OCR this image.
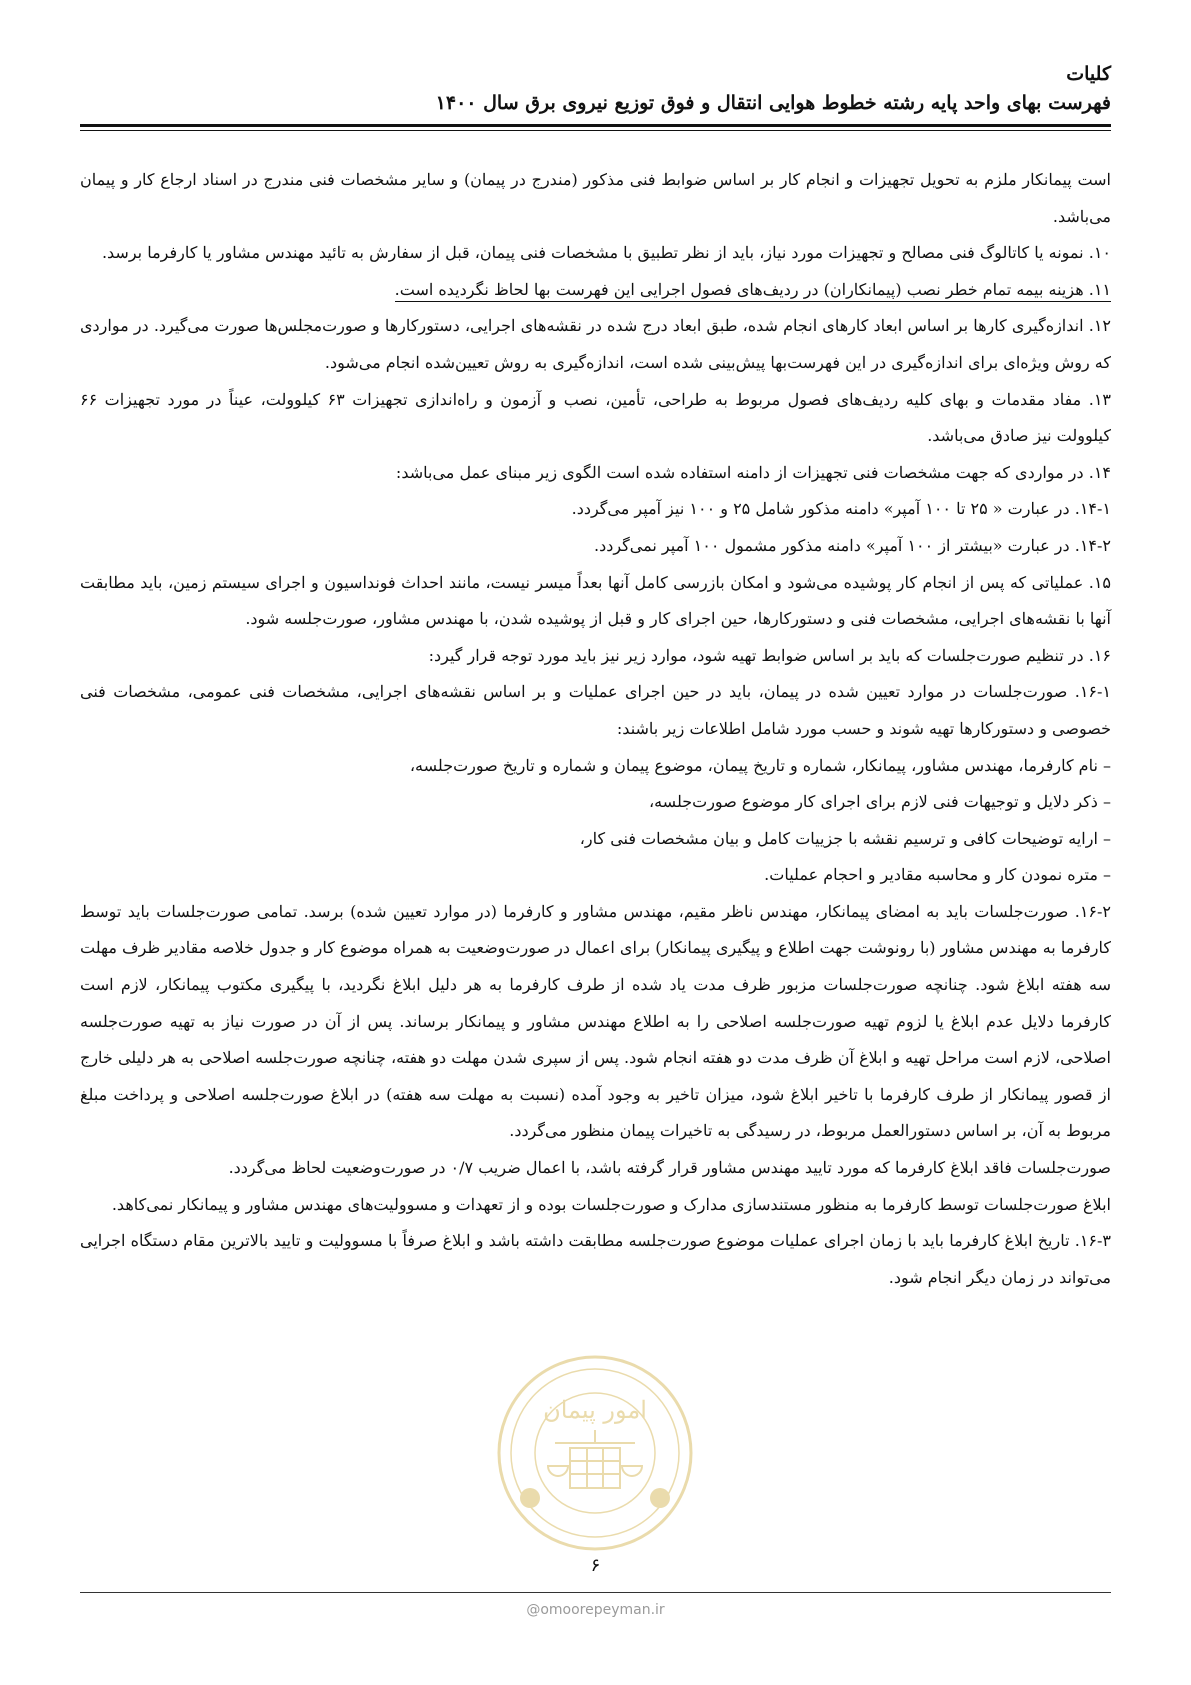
کلیات
فهرست بهای واحد پایه رشته خطوط هوایی انتقال و فوق توزیع نیروی برق سال ۱۴۰۰

است پیمانکار ملزم به تحویل تجهیزات و انجام کار بر اساس ضوابط فنی مذکور (مندرج در پیمان) و سایر مشخصات فنی مندرج در اسناد ارجاع کار و پیمان می‌باشد.

۱۰. نمونه یا کاتالوگ فنی مصالح و تجهیزات مورد نیاز، باید از نظر تطبیق با مشخصات فنی پیمان، قبل از سفارش به تائید مهندس مشاور یا کارفرما برسد.

۱۱. هزینه بیمه تمام خطر نصب (پیمانکاران) در ردیف‌های فصول اجرایی این فهرست بها لحاظ نگردیده است.

۱۲. اندازه‌گیری کارها بر اساس ابعاد کارهای انجام شده، طبق ابعاد درج شده در نقشه‌های اجرایی، دستورکارها و صورت‌مجلس‌ها صورت می‌گیرد. در مواردی که روش ویژه‌ای برای اندازه‌گیری در این فهرست‌بها پیش‌بینی شده است، اندازه‌گیری به روش تعیین‌شده انجام می‌شود.

۱۳. مفاد مقدمات و بهای کلیه ردیف‌های فصول مربوط به طراحی، تأمین، نصب و آزمون و راه‌اندازی تجهیزات ۶۳ کیلوولت، عیناً در مورد تجهیزات ۶۶ کیلوولت نیز صادق می‌باشد.

۱۴. در مواردی که جهت مشخصات فنی تجهیزات از دامنه استفاده شده است الگوی زیر مبنای عمل می‌باشد:

۱۴-۱. در عبارت « ۲۵ تا ۱۰۰ آمپر» دامنه مذکور شامل ۲۵ و ۱۰۰ نیز آمپر می‌گردد.

۱۴-۲. در عبارت «بیشتر از ۱۰۰ آمپر» دامنه مذکور مشمول ۱۰۰ آمپر نمی‌گردد.

۱۵. عملیاتی که پس از انجام کار پوشیده می‌شود و امکان بازرسی کامل آنها بعداً میسر نیست، مانند احداث فونداسیون و اجرای سیستم زمین، باید مطابقت آنها با نقشه‌های اجرایی، مشخصات فنی و دستورکارها، حین اجرای کار و قبل از پوشیده شدن، با مهندس مشاور، صورت‌جلسه شود.

۱۶. در تنظیم صورت‌جلسات که باید بر اساس ضوابط تهیه شود، موارد زیر نیز باید مورد توجه قرار گیرد:

۱۶-۱. صورت‌جلسات در موارد تعیین شده در پیمان، باید در حین اجرای عملیات و بر اساس نقشه‌های اجرایی، مشخصات فنی عمومی، مشخصات فنی خصوصی و دستورکارها تهیه شوند و حسب مورد شامل اطلاعات زیر باشند:

– نام کارفرما، مهندس مشاور، پیمانکار، شماره و تاریخ پیمان، موضوع پیمان و شماره و تاریخ صورت‌جلسه،

– ذکر دلایل و توجیهات فنی لازم برای اجرای کار موضوع صورت‌جلسه،

– ارایه توضیحات کافی و ترسیم نقشه با جزییات کامل و بیان مشخصات فنی کار،

– متره نمودن کار و محاسبه مقادیر و احجام عملیات.

۱۶-۲. صورت‌جلسات باید به امضای پیمانکار، مهندس ناظر مقیم، مهندس مشاور و کارفرما (در موارد تعیین شده) برسد. تمامی صورت‌جلسات باید توسط کارفرما به مهندس مشاور (با رونوشت جهت اطلاع و پیگیری پیمانکار) برای اعمال در صورت‌وضعیت به همراه موضوع کار و جدول خلاصه مقادیر ظرف مهلت سه هفته ابلاغ شود. چنانچه صورت‌جلسات مزبور ظرف مدت یاد شده از طرف کارفرما به هر دلیل ابلاغ نگردید، با پیگیری مکتوب پیمانکار، لازم است کارفرما دلایل عدم ابلاغ یا لزوم تهیه صورت‌جلسه اصلاحی را به اطلاع مهندس مشاور و پیمانکار برساند. پس از آن در صورت نیاز به تهیه صورت‌جلسه اصلاحی، لازم است مراحل تهیه و ابلاغ آن ظرف مدت دو هفته انجام شود. پس از سپری شدن مهلت دو هفته، چنانچه صورت‌جلسه اصلاحی به هر دلیلی خارج از قصور پیمانکار از طرف کارفرما با تاخیر ابلاغ شود، میزان تاخیر به وجود آمده (نسبت به مهلت سه هفته) در ابلاغ صورت‌جلسه اصلاحی و پرداخت مبلغ مربوط به آن، بر اساس دستورالعمل مربوط، در رسیدگی به تاخیرات پیمان منظور می‌گردد.

صورت‌جلسات فاقد ابلاغ کارفرما که مورد تایید مهندس مشاور قرار گرفته باشد، با اعمال ضریب ۰/۷ در صورت‌وضعیت لحاظ می‌گردد.

ابلاغ صورت‌جلسات توسط کارفرما به منظور مستندسازی مدارک و صورت‌جلسات بوده و از تعهدات و مسوولیت‌های مهندس مشاور و پیمانکار نمی‌کاهد.

۱۶-۳. تاریخ ابلاغ کارفرما باید با زمان اجرای عملیات موضوع صورت‌جلسه مطابقت داشته باشد و ابلاغ صرفاً با مسوولیت و تایید بالاترین مقام دستگاه اجرایی می‌تواند در زمان دیگر انجام شود.

امور پیمان
۶
@omoorepeyman.ir
